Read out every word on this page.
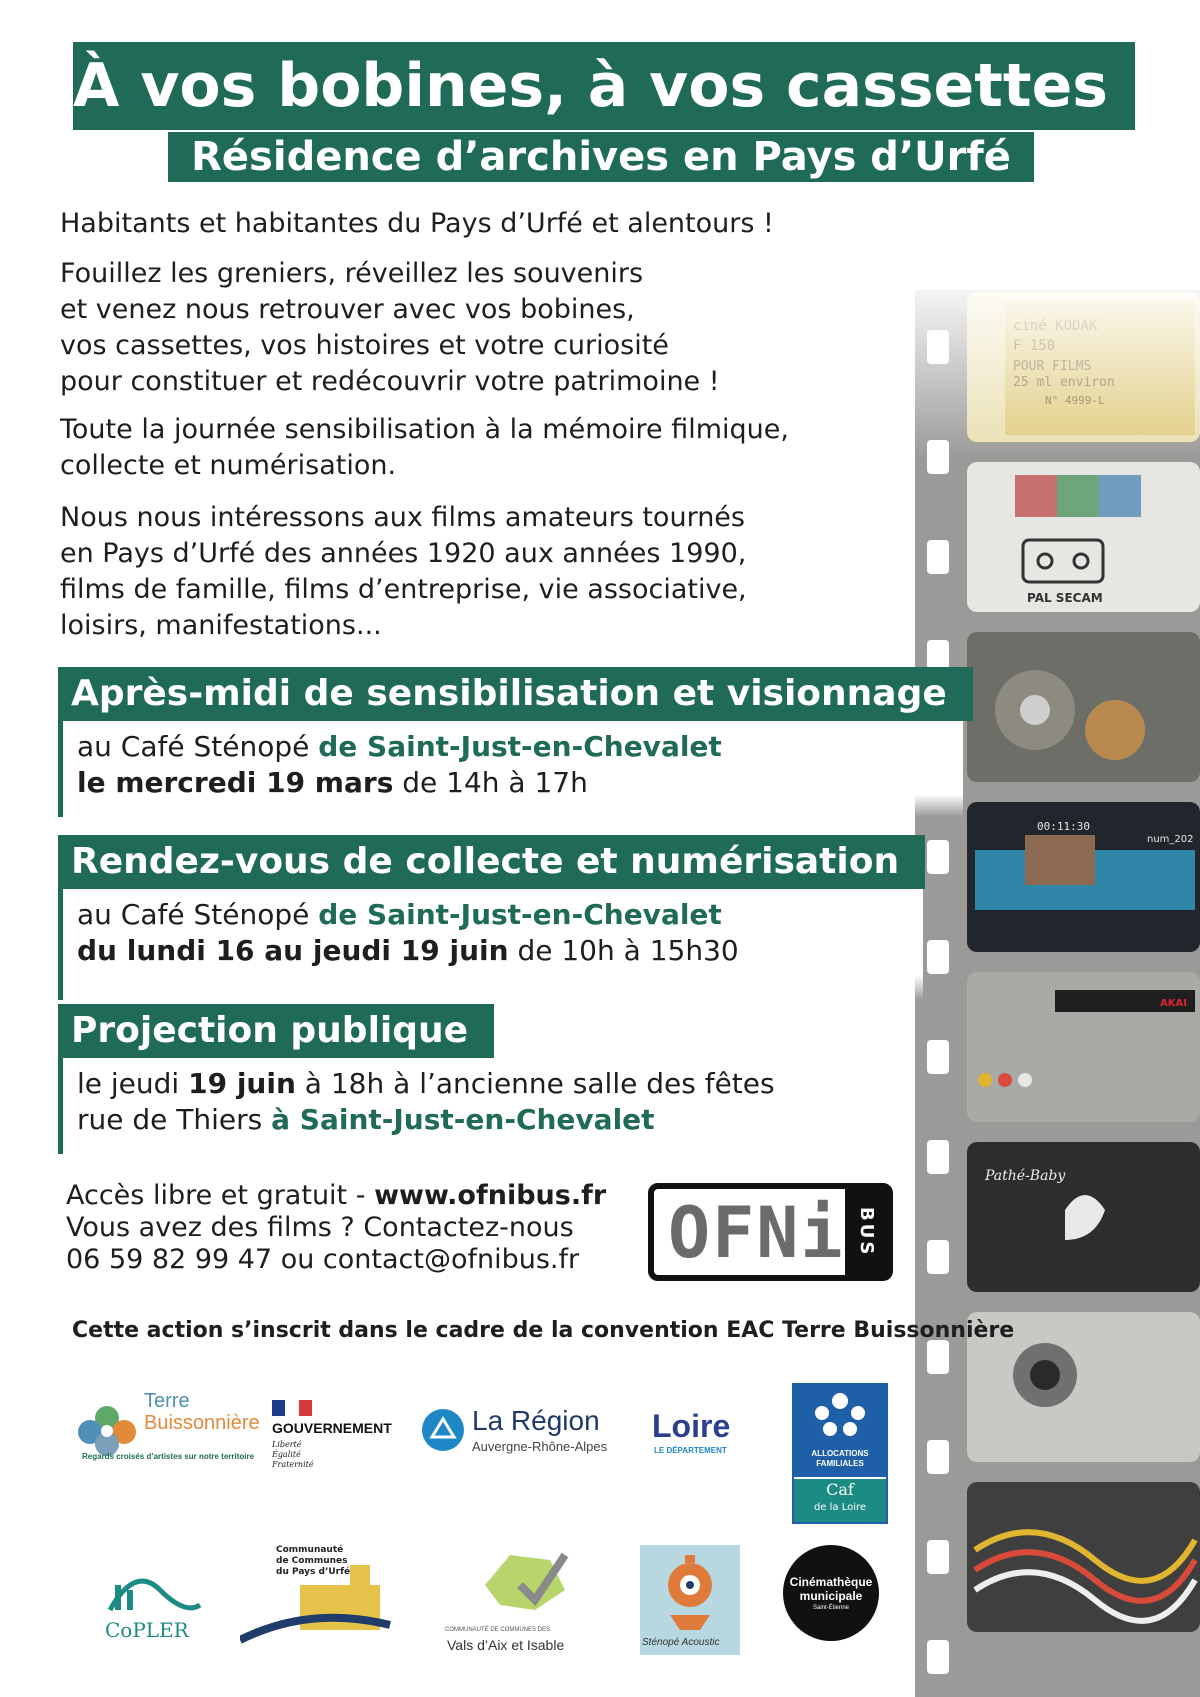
À vos bobines, à vos cassettes !
Résidence d’archives en Pays d’Urfé

Habitants et habitantes du Pays d’Urfé et alentours !

Fouillez les greniers, réveillez les souvenirs

et venez nous retrouver avec vos bobines,

vos cassettes, vos histoires et votre curiosité

pour constituer et redécouvrir votre patrimoine !

Toute la journée sensibilisation à la mémoire filmique,

collecte et numérisation.

Nous nous intéressons aux films amateurs tournés

en Pays d’Urfé des années 1920 aux années 1990,

films de famille, films d’entreprise, vie associative,

loisirs, manifestations...

Après-midi de sensibilisation et visionnage
au Café Sténopé de Saint-Just-en-Chevalet
le mercredi 19 mars de 14h à 17h
Rendez-vous de collecte et numérisation
au Café Sténopé de Saint-Just-en-Chevalet
du lundi 16 au jeudi 19 juin de 10h à 15h30
Projection publique
le jeudi 19 juin à 18h à l’ancienne salle des fêtes
rue de Thiers à Saint-Just-en-Chevalet
Accès libre et gratuit - www.ofnibus.fr
Vous avez des films ? Contactez-nous
06 59 82 99 47 ou contact@ofnibus.fr	OFNi BUS
Cette action s’inscrit dans le cadre de la convention EAC Terre Buissonnière
Terre
Buissonnière
Regards croisés d’artistes sur notre territoire
GOUVERNEMENT
Liberté
Égalité
Fraternité
La Région
Auvergne-Rhône-Alpes
Loire
LE DÉPARTEMENT	ALLOCATIONS
FAMILIALES
Caf
de la Loire
CoPLER
Communauté
de Communes
du Pays d’Urfé
COMMUNAUTÉ DE COMMUNES DES
Vals d’Aix et Isable	Sténopé Acoustic
Cinémathèque
municipale
Saint-Étienne
